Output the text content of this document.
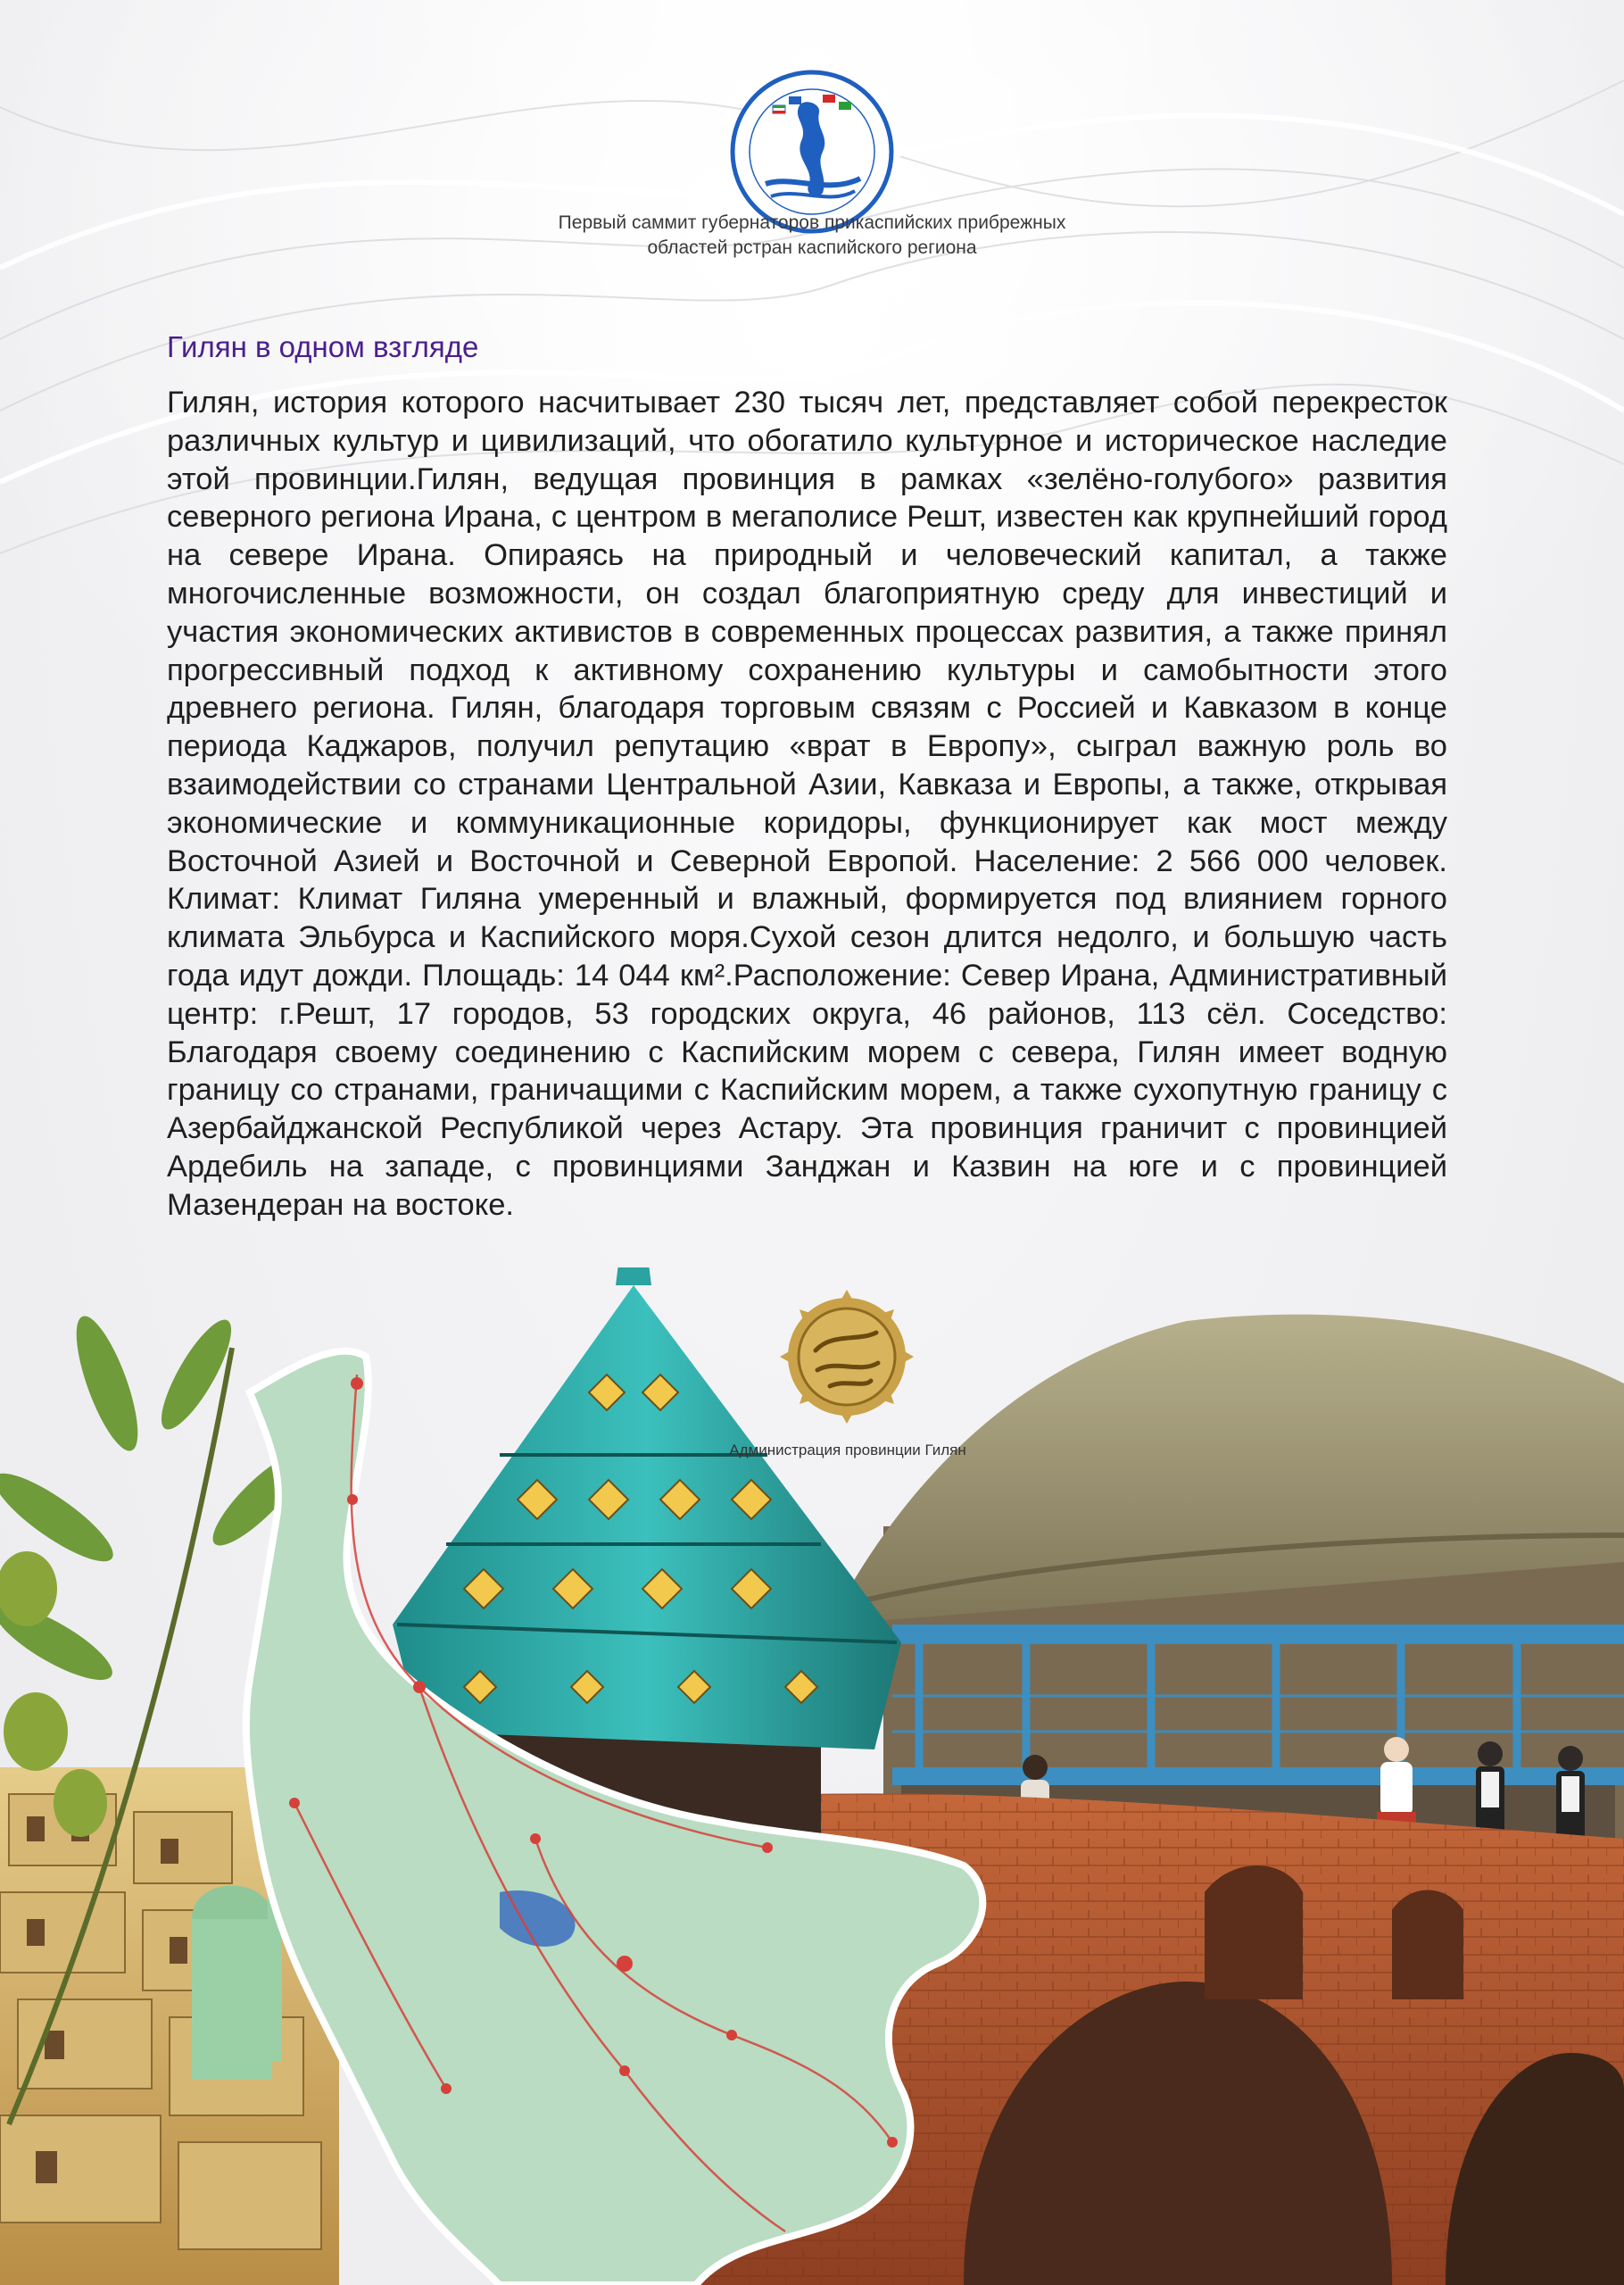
Первый саммит губернаторов прикаспийских прибрежных
областей рстран каспийского региона

Гилян в одном взгляде

Гилян, история которого насчитывает 230 тысяч лет, представляет собой перекресток различных культур и цивилизаций, что обогатило культурное и историческое наследие этой провинции.Гилян, ведущая провинция в рамках «зелёно-голубого» развития северного региона Ирана, с центром в мегаполисе Решт, известен как крупнейший город на севере Ирана. Опираясь на природный и человеческий капитал, а также многочисленные возможности, он создал благоприятную среду для инвестиций и участия экономических активистов в современных процессах развития, а также принял прогрессивный подход к активному сохранению культуры и самобытности этого древнего региона. Гилян, благодаря торговым связям с Россией и Кавказом в конце периода Каджаров, получил репутацию «врат в Европу», сыграл важную роль во взаимодействии со странами Центральной Азии, Кавказа и Европы, а также, открывая экономические и коммуникационные коридоры, функционирует как мост между Восточной Азией и Восточной и Северной Европой. Население: 2 566 000 человек. Климат: Климат Гиляна умеренный и влажный, формируется под влиянием горного климата Эльбурса и Каспийского моря.Сухой сезон длится недолго, и большую часть года идут дожди. Площадь: 14 044 км².Расположение: Север Ирана, Административный центр: г.Решт, 17 городов, 53 городских округа, 46 районов, 113 сёл. Соседство: Благодаря своему соединению с Каспийским морем с севера, Гилян имеет водную границу со странами, граничащими с Каспийским морем, а также сухопутную границу с Азербайджанской Республикой через Астару. Эта провинция граничит с провинцией Ардебиль на западе, с провинциями Занджан и Казвин на юге и с провинцией Мазендеран на востоке.

Администрация провинции Гилян
